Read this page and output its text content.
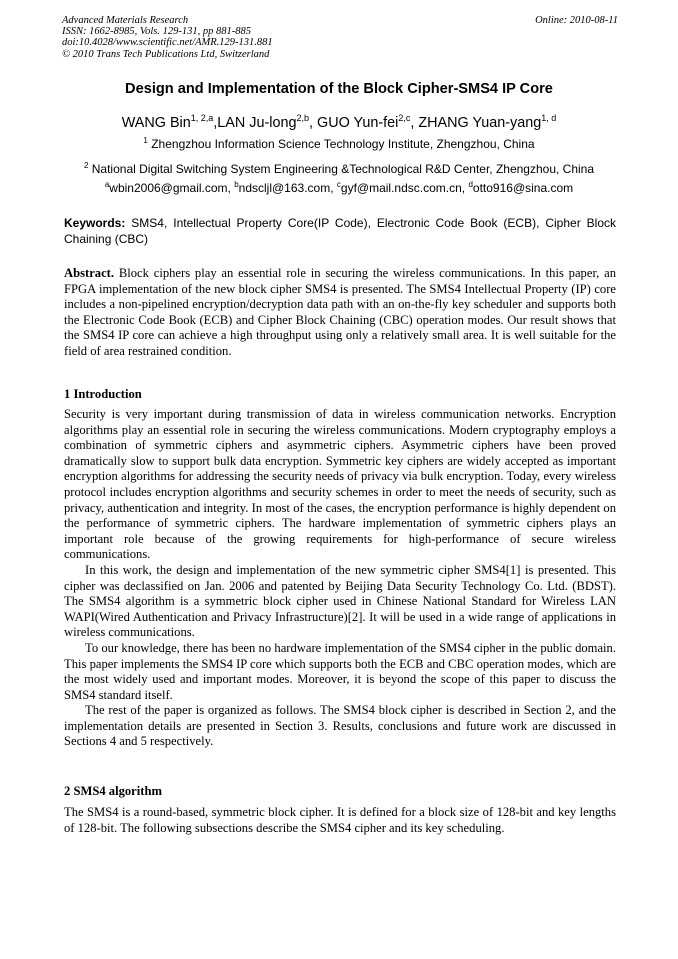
Advanced Materials Research
ISSN: 1662-8985, Vols. 129-131, pp 881-885
doi:10.4028/www.scientific.net/AMR.129-131.881
© 2010 Trans Tech Publications Ltd, Switzerland
Online: 2010-08-11
Design and Implementation of the Block Cipher-SMS4 IP Core
WANG Bin$^{1, 2,a}$,LAN Ju-long$^{2,b}$, GUO Yun-fei$^{2,c}$, ZHANG Yuan-yang$^{1, d}$
$^1$ Zhengzhou Information Science Technology Institute, Zhengzhou, China
$^2$ National Digital Switching System Engineering &Technological R&D Center, Zhengzhou, China
$^a$wbin2006@gmail.com, $^b$ndscljl@163.com, $^c$gyf@mail.ndsc.com.cn, $^d$otto916@sina.com
Keywords: SMS4, Intellectual Property Core(IP Code), Electronic Code Book (ECB), Cipher Block Chaining (CBC)
Abstract. Block ciphers play an essential role in securing the wireless communications. In this paper, an FPGA implementation of the new block cipher SMS4 is presented. The SMS4 Intellectual Property (IP) core includes a non-pipelined encryption/decryption data path with an on-the-fly key scheduler and supports both the Electronic Code Book (ECB) and Cipher Block Chaining (CBC) operation modes. Our result shows that the SMS4 IP core can achieve a high throughput using only a relatively small area. It is well suitable for the field of area restrained condition.
1 Introduction

Security is very important during transmission of data in wireless communication networks. Encryption algorithms play an essential role in securing the wireless communications. Modern cryptography employs a combination of symmetric ciphers and asymmetric ciphers. Asymmetric ciphers have been proved dramatically slow to support bulk data encryption. Symmetric key ciphers are widely accepted as important encryption algorithms for addressing the security needs of privacy via bulk encryption. Today, every wireless protocol includes encryption algorithms and security schemes in order to meet the needs of security, such as privacy, authentication and integrity. In most of the cases, the encryption performance is highly dependent on the performance of symmetric ciphers. The hardware implementation of symmetric ciphers plays an important role because of the growing requirements for high-performance of secure wireless communications.

In this work, the design and implementation of the new symmetric cipher SMS4[1] is presented. This cipher was declassified on Jan. 2006 and patented by Beijing Data Security Technology Co. Ltd. (BDST). The SMS4 algorithm is a symmetric block cipher used in Chinese National Standard for Wireless LAN WAPI(Wired Authentication and Privacy Infrastructure)[2]. It will be used in a wide range of applications in wireless communications.

To our knowledge, there has been no hardware implementation of the SMS4 cipher in the public domain. This paper implements the SMS4 IP core which supports both the ECB and CBC operation modes, which are the most widely used and important modes. Moreover, it is beyond the scope of this paper to discuss the SMS4 standard itself.

The rest of the paper is organized as follows. The SMS4 block cipher is described in Section 2, and the implementation details are presented in Section 3. Results, conclusions and future work are discussed in Sections 4 and 5 respectively.

2 SMS4 algorithm
The SMS4 is a round-based, symmetric block cipher. It is defined for a block size of 128-bit and key lengths of 128-bit. The following subsections describe the SMS4 cipher and its key scheduling.
